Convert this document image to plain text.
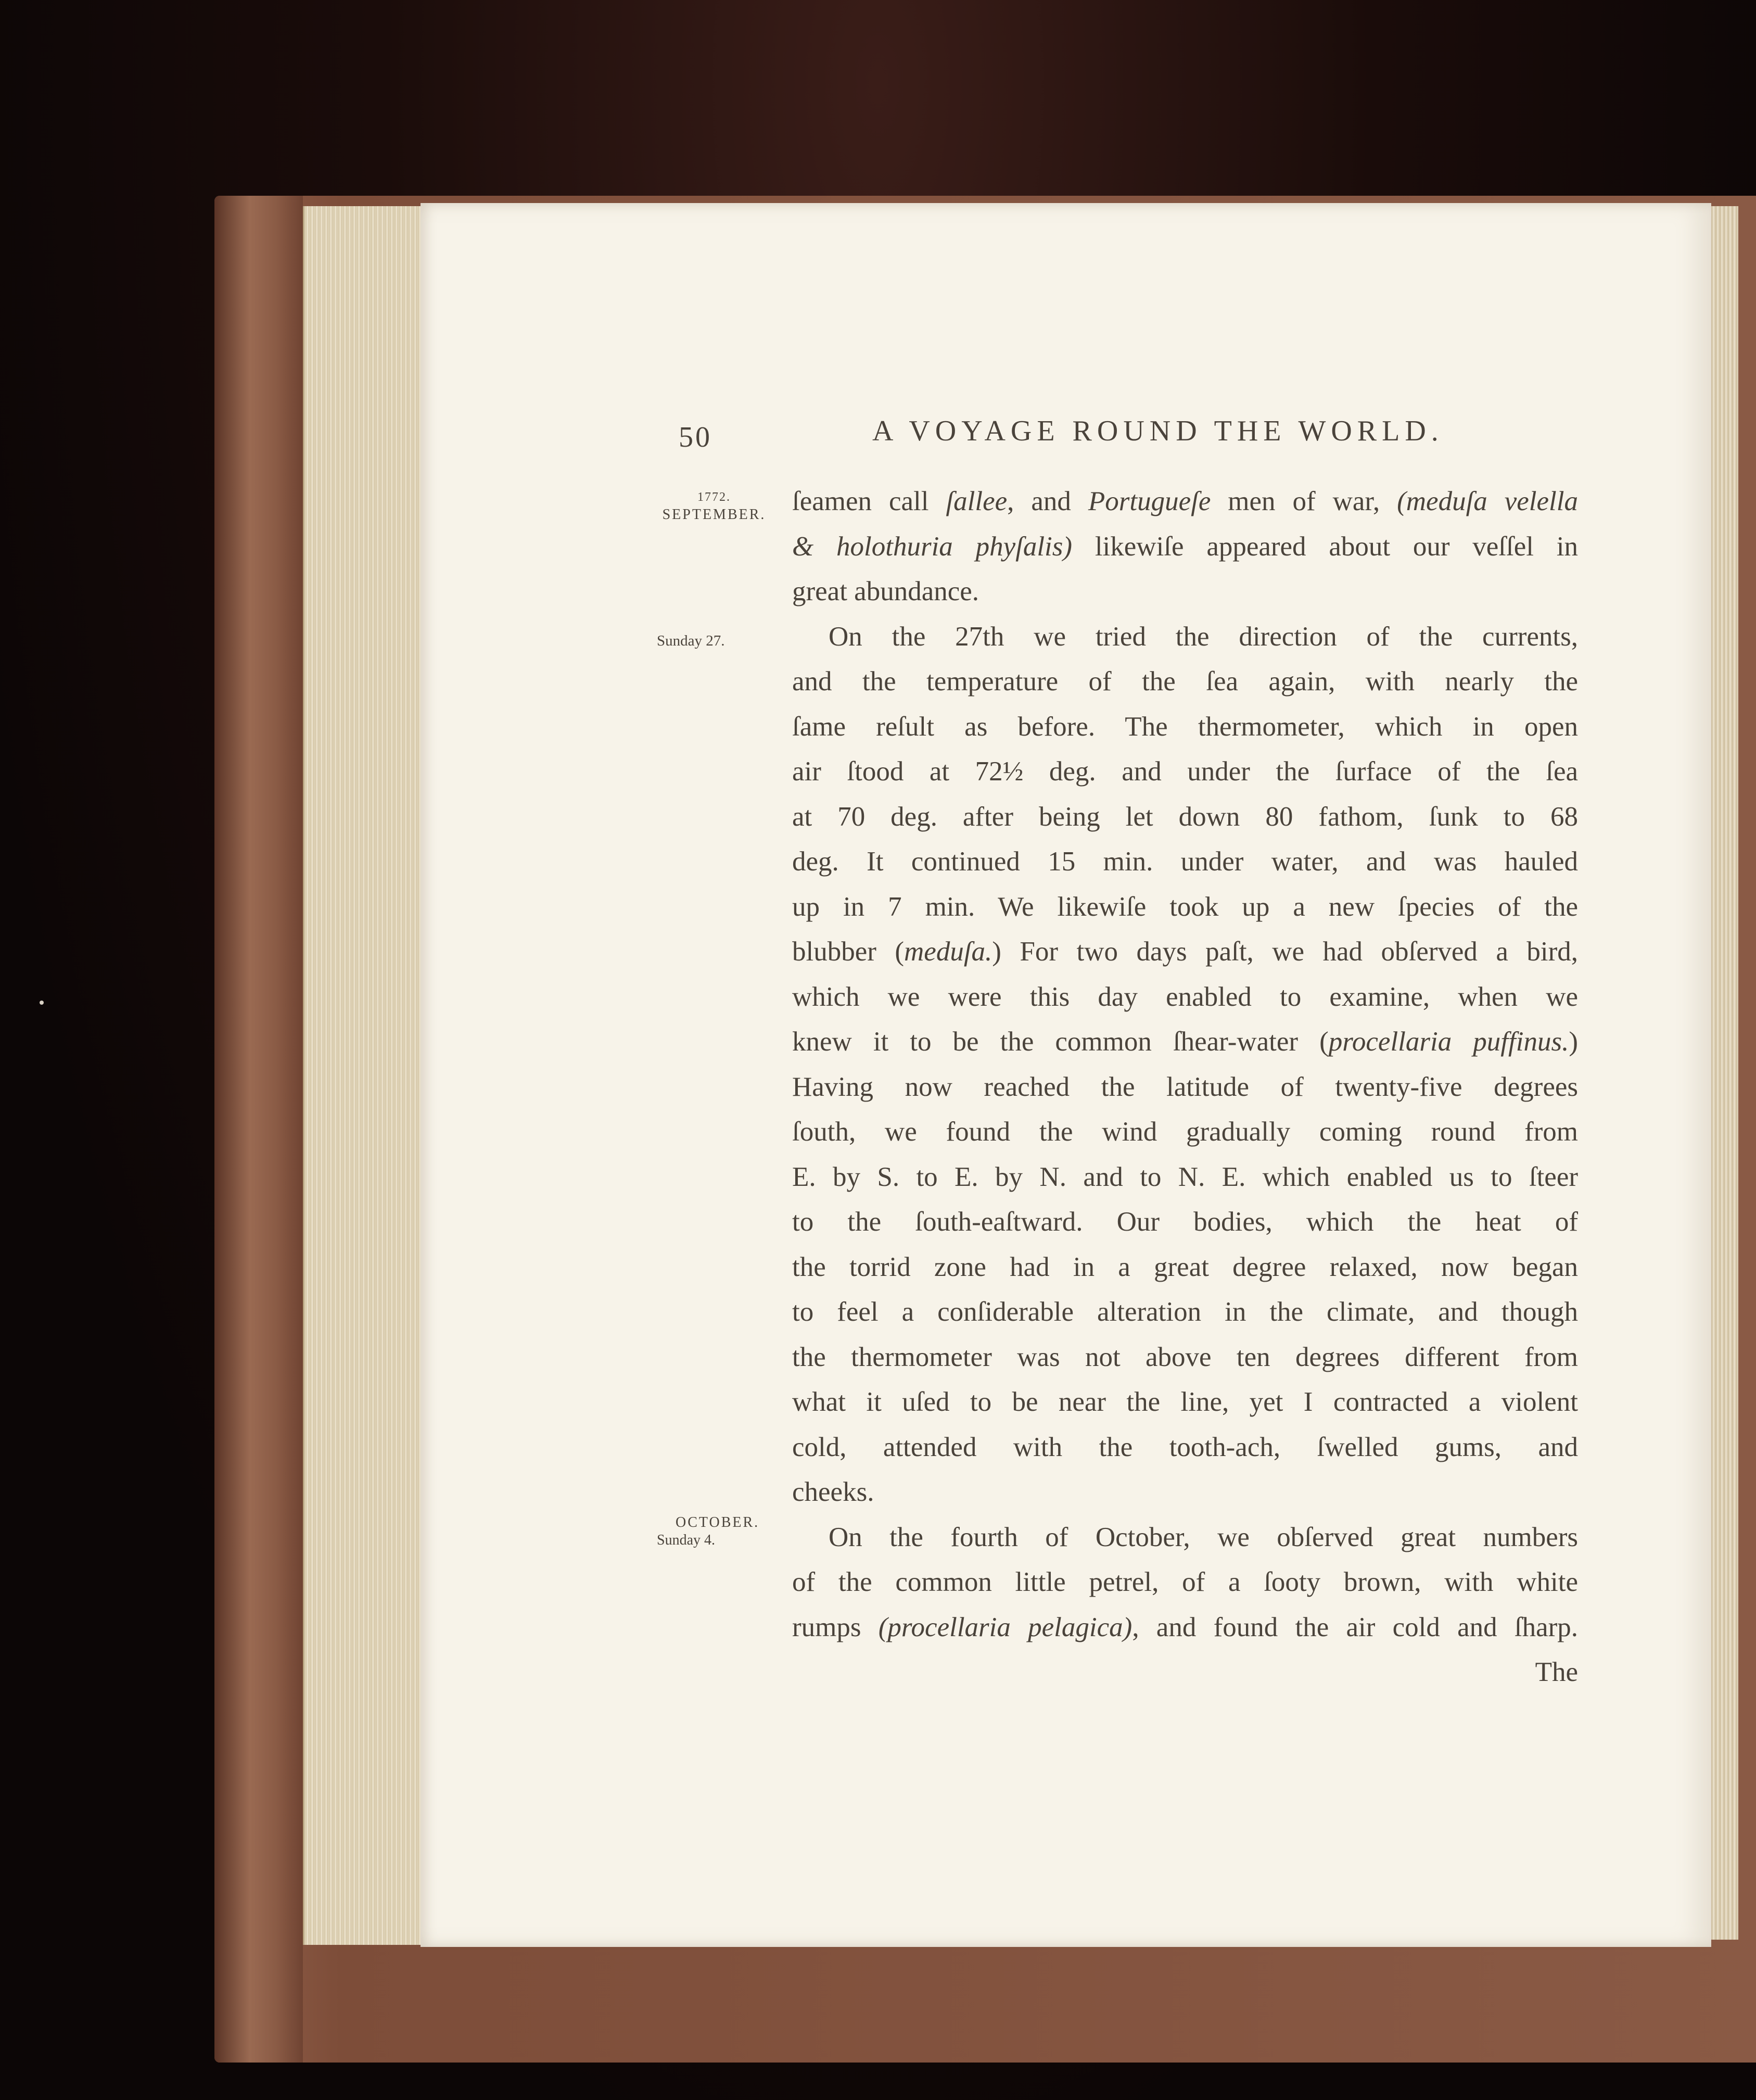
50	A VOYAGE ROUND THE WORLD.
1772.
SEPTEMBER.
Sunday 27.
OCTOBER.
Sunday 4.
ſeamen call ſallee, and Portugueſe men of war, (meduſa velella
& holothuria phyſalis) likewiſe appeared about our veſſel in
great abundance.
On the 27th we tried the direction of the currents,
and the temperature of the ſea again, with nearly the
ſame reſult as before. The thermometer, which in open
air ſtood at 72½ deg. and under the ſurface of the ſea
at 70 deg. after being let down 80 fathom, ſunk to 68
deg. It continued 15 min. under water, and was hauled
up in 7 min. We likewiſe took up a new ſpecies of the
blubber (meduſa.) For two days paſt, we had obſerved a bird,
which we were this day enabled to examine, when we
knew it to be the common ſhear-water (procellaria puffinus.)
Having now reached the latitude of twenty-five degrees
ſouth, we found the wind gradually coming round from
E. by S. to E. by N. and to N. E. which enabled us to ſteer
to the ſouth-eaſtward. Our bodies, which the heat of
the torrid zone had in a great degree relaxed, now began
to feel a conſiderable alteration in the climate, and though
the thermometer was not above ten degrees different from
what it uſed to be near the line, yet I contracted a violent
cold, attended with the tooth-ach, ſwelled gums, and
cheeks.
On the fourth of October, we obſerved great numbers
of the common little petrel, of a ſooty brown, with white
rumps (procellaria pelagica), and found the air cold and ſharp.
The
